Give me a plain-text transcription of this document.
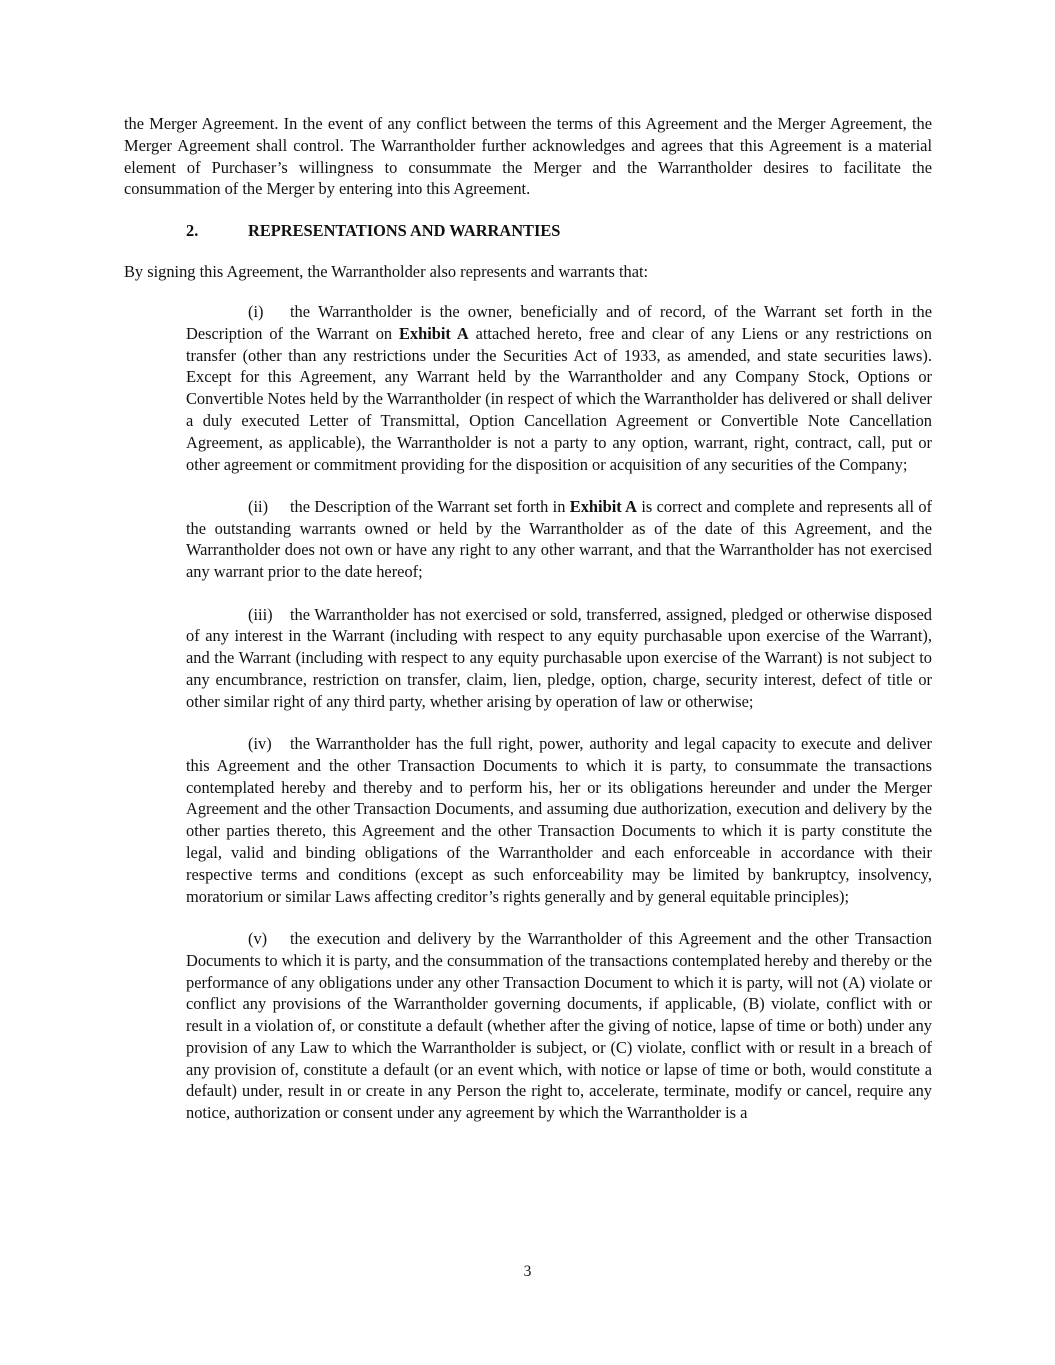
the Merger Agreement. In the event of any conflict between the terms of this Agreement and the Merger Agreement, the Merger Agreement shall control. The Warrantholder further acknowledges and agrees that this Agreement is a material element of Purchaser’s willingness to consummate the Merger and the Warrantholder desires to facilitate the consummation of the Merger by entering into this Agreement.

2.	REPRESENTATIONS AND WARRANTIES

By signing this Agreement, the Warrantholder also represents and warrants that:

(i) the Warrantholder is the owner, beneficially and of record, of the Warrant set forth in the Description of the Warrant on Exhibit A attached hereto, free and clear of any Liens or any restrictions on transfer (other than any restrictions under the Securities Act of 1933, as amended, and state securities laws). Except for this Agreement, any Warrant held by the Warrantholder and any Company Stock, Options or Convertible Notes held by the Warrantholder (in respect of which the Warrantholder has delivered or shall deliver a duly executed Letter of Transmittal, Option Cancellation Agreement or Convertible Note Cancellation Agreement, as applicable), the Warrantholder is not a party to any option, warrant, right, contract, call, put or other agreement or commitment providing for the disposition or acquisition of any securities of the Company;

(ii) the Description of the Warrant set forth in Exhibit A is correct and complete and represents all of the outstanding warrants owned or held by the Warrantholder as of the date of this Agreement, and the Warrantholder does not own or have any right to any other warrant, and that the Warrantholder has not exercised any warrant prior to the date hereof;

(iii) the Warrantholder has not exercised or sold, transferred, assigned, pledged or otherwise disposed of any interest in the Warrant (including with respect to any equity purchasable upon exercise of the Warrant), and the Warrant (including with respect to any equity purchasable upon exercise of the Warrant) is not subject to any encumbrance, restriction on transfer, claim, lien, pledge, option, charge, security interest, defect of title or other similar right of any third party, whether arising by operation of law or otherwise;

(iv) the Warrantholder has the full right, power, authority and legal capacity to execute and deliver this Agreement and the other Transaction Documents to which it is party, to consummate the transactions contemplated hereby and thereby and to perform his, her or its obligations hereunder and under the Merger Agreement and the other Transaction Documents, and assuming due authorization, execution and delivery by the other parties thereto, this Agreement and the other Transaction Documents to which it is party constitute the legal, valid and binding obligations of the Warrantholder and each enforceable in accordance with their respective terms and conditions (except as such enforceability may be limited by bankruptcy, insolvency, moratorium or similar Laws affecting creditor’s rights generally and by general equitable principles);

(v) the execution and delivery by the Warrantholder of this Agreement and the other Transaction Documents to which it is party, and the consummation of the transactions contemplated hereby and thereby or the performance of any obligations under any other Transaction Document to which it is party, will not (A) violate or conflict any provisions of the Warrantholder governing documents, if applicable, (B) violate, conflict with or result in a violation of, or constitute a default (whether after the giving of notice, lapse of time or both) under any provision of any Law to which the Warrantholder is subject, or (C) violate, conflict with or result in a breach of any provision of, constitute a default (or an event which, with notice or lapse of time or both, would constitute a default) under, result in or create in any Person the right to, accelerate, terminate, modify or cancel, require any notice, authorization or consent under any agreement by which the Warrantholder is a

3
